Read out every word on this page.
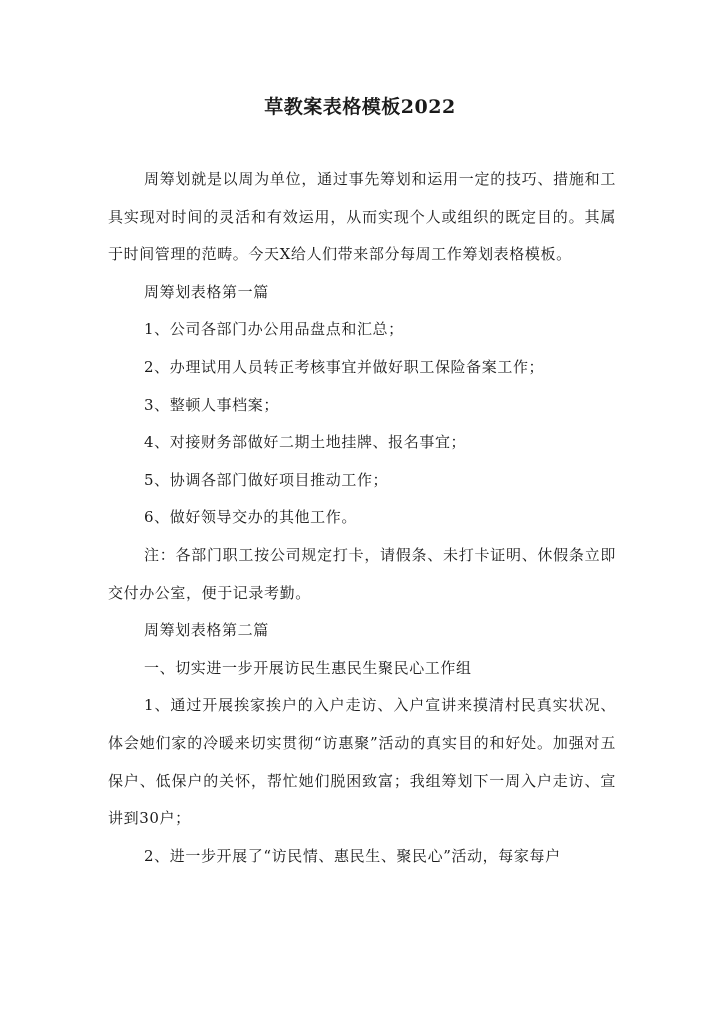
草教案表格模板2022

周筹划就是以周为单位，通过事先筹划和运用一定的技巧、措施和工具实现对时间的灵活和有效运用，从而实现个人或组织的既定目的。其属于时间管理的范畴。今天X给人们带来部分每周工作筹划表格模板。

周筹划表格第一篇

1、公司各部门办公用品盘点和汇总；

2、办理试用人员转正考核事宜并做好职工保险备案工作；

3、整顿人事档案；

4、对接财务部做好二期土地挂牌、报名事宜；

5、协调各部门做好项目推动工作；

6、做好领导交办的其他工作。

注：各部门职工按公司规定打卡，请假条、未打卡证明、休假条立即交付办公室，便于记录考勤。

周筹划表格第二篇

一、切实进一步开展访民生惠民生聚民心工作组

1、通过开展挨家挨户的入户走访、入户宣讲来摸清村民真实状况、体会她们家的冷暖来切实贯彻“访惠聚”活动的真实目的和好处。加强对五保户、低保户的关怀，帮忙她们脱困致富；我组筹划下一周入户走访、宣讲到30户；

2、进一步开展了“访民情、惠民生、聚民心”活动，每家每户
